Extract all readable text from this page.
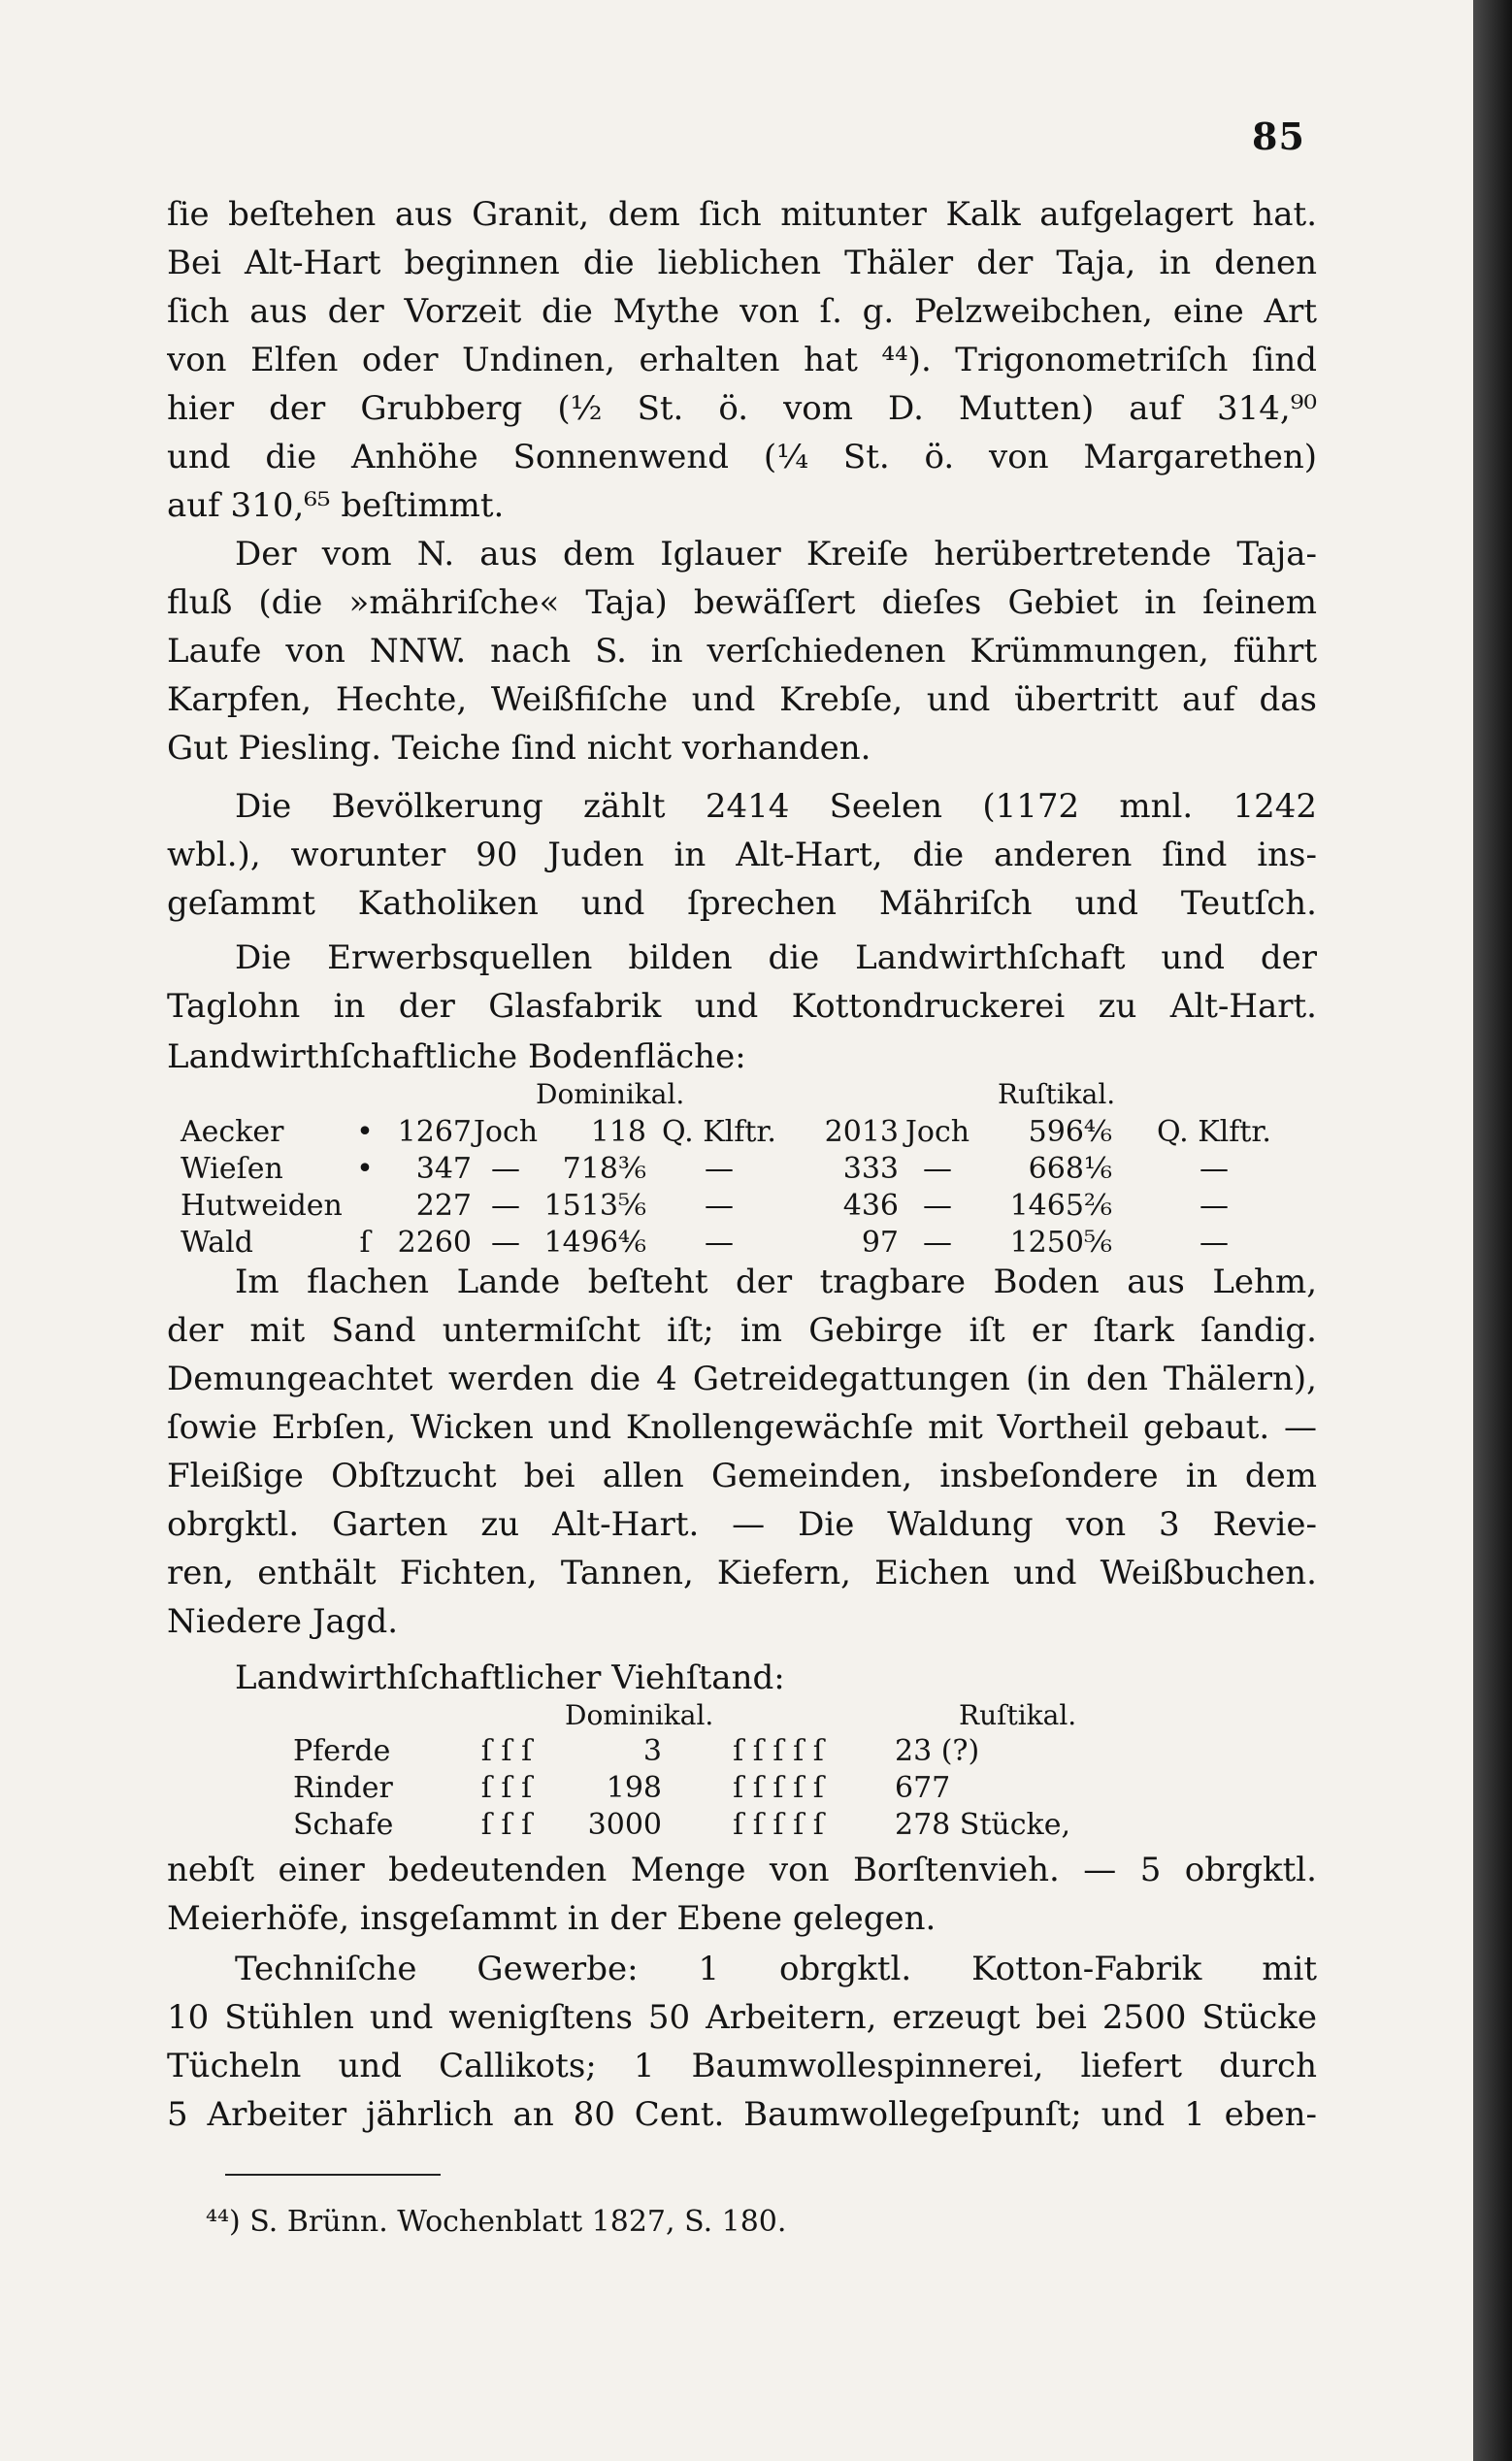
85
ſie beſtehen aus Granit, dem ſich mitunter Kalk aufgelagert hat.
Bei Alt-Hart beginnen die lieblichen Thäler der Taja, in denen
ſich aus der Vorzeit die Mythe von ſ. g. Pelzweibchen, eine Art
von Elfen oder Undinen, erhalten hat ⁴⁴). Trigonometriſch ſind
hier der Grubberg (½ St. ö. vom D. Mutten) auf 314,⁹⁰
und die Anhöhe Sonnenwend (¼ St. ö. von Margarethen)
auf 310,⁶⁵ beſtimmt.
Der vom N. aus dem Iglauer Kreiſe herübertretende Taja-
fluß (die »mähriſche« Taja) bewäſſert dieſes Gebiet in ſeinem
Laufe von NNW. nach S. in verſchiedenen Krümmungen, führt
Karpfen, Hechte, Weißfiſche und Krebſe, und übertritt auf das
Gut Piesling. Teiche ſind nicht vorhanden.
Die Bevölkerung zählt 2414 Seelen (1172 mnl. 1242
wbl.), worunter 90 Juden in Alt-Hart, die anderen ſind ins-
geſammt Katholiken und ſprechen Mähriſch und Teutſch.
Die Erwerbsquellen bilden die Landwirthſchaft und der
Taglohn in der Glasfabrik und Kottondruckerei zu Alt-Hart.
Landwirthſchaftliche Bodenfläche:
Dominikal.	Ruſtikal.
Aecker	•	1267	Joch	118	Q. Klftr.	2013	Joch	596⁴⁄₆	Q. Klftr.
Wieſen	•	347	—	718³⁄₆	—	333	—	668¹⁄₆	—
Hutweiden		227	—	1513⁵⁄₆	—	436	—	1465²⁄₆	—
Wald	ſ	2260	—	1496⁴⁄₆	—	97	—	1250⁵⁄₆	—
Im flachen Lande beſteht der tragbare Boden aus Lehm,
der mit Sand untermiſcht iſt; im Gebirge iſt er ſtark ſandig.
Demungeachtet werden die 4 Getreidegattungen (in den Thälern),
ſowie Erbſen, Wicken und Knollengewächſe mit Vortheil gebaut. —
Fleißige Obſtzucht bei allen Gemeinden, insbeſondere in dem
obrgktl. Garten zu Alt-Hart. — Die Waldung von 3 Revie-
ren, enthält Fichten, Tannen, Kiefern, Eichen und Weißbuchen.
Niedere Jagd.
Landwirthſchaftlicher Viehſtand:
Dominikal.	Ruſtikal.
Pferde	ſ ſ ſ	3	ſ ſ ſ ſ ſ	23 (?)
Rinder	ſ ſ ſ	198	ſ ſ ſ ſ ſ	677
Schafe	ſ ſ ſ	3000	ſ ſ ſ ſ ſ	278 Stücke,
nebſt einer bedeutenden Menge von Borſtenvieh. — 5 obrgktl.
Meierhöfe, insgeſammt in der Ebene gelegen.
Techniſche Gewerbe: 1 obrgktl. Kotton-Fabrik mit
10 Stühlen und wenigſtens 50 Arbeitern, erzeugt bei 2500 Stücke
Tücheln und Callikots; 1 Baumwollespinnerei, liefert durch
5 Arbeiter jährlich an 80 Cent. Baumwollegeſpunſt; und 1 eben-
⁴⁴) S. Brünn. Wochenblatt 1827, S. 180.
